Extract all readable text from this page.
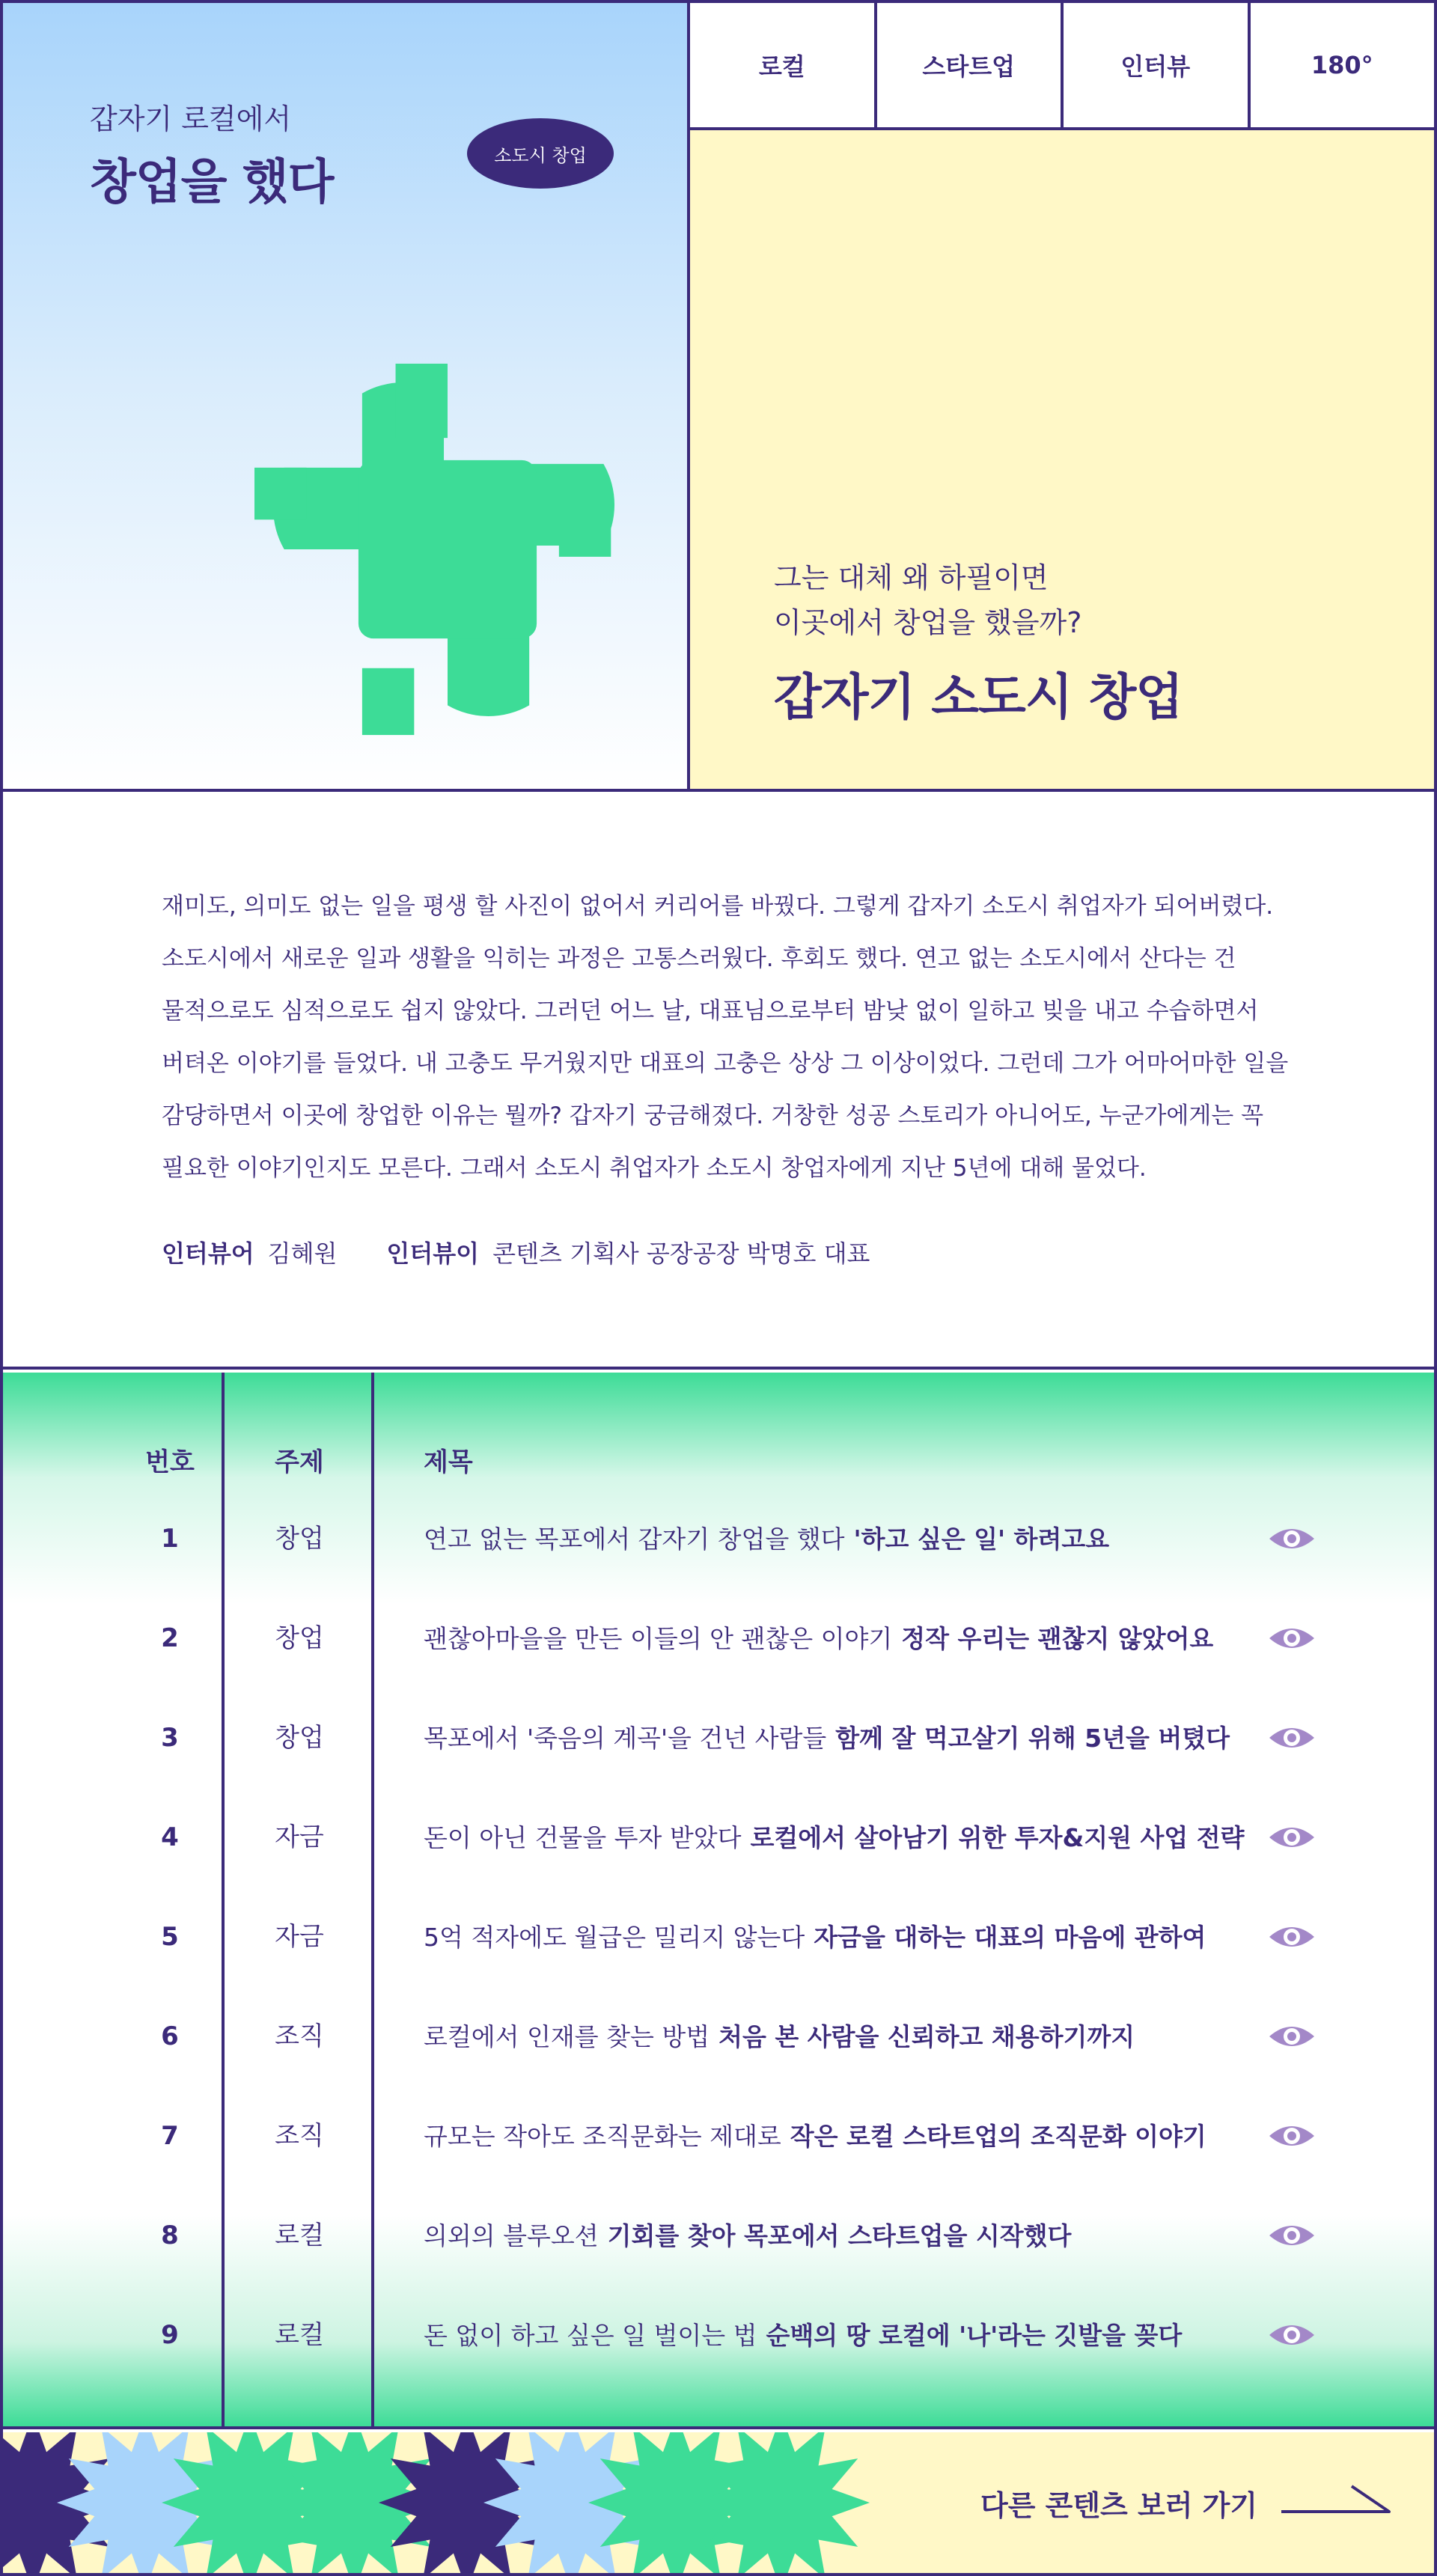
갑자기 로컬에서
창업을 했다	소도시 창업
로컬	스타트업	인터뷰	180°
그는 대체 왜 하필이면
이곳에서 창업을 했을까?
갑자기 소도시 창업
재미도, 의미도 없는 일을 평생 할 사진이 없어서 커리어를 바꿨다. 그렇게 갑자기 소도시 취업자가 되어버렸다.
소도시에서 새로운 일과 생활을 익히는 과정은 고통스러웠다. 후회도 했다. 연고 없는 소도시에서 산다는 건
물적으로도 심적으로도 쉽지 않았다. 그러던 어느 날, 대표님으로부터 밤낮 없이 일하고 빚을 내고 수습하면서
버텨온 이야기를 들었다. 내 고충도 무거웠지만 대표의 고충은 상상 그 이상이었다. 그런데 그가 어마어마한 일을
감당하면서 이곳에 창업한 이유는 뭘까? 갑자기 궁금해졌다. 거창한 성공 스토리가 아니어도, 누군가에게는 꼭
필요한 이야기인지도 모른다. 그래서 소도시 취업자가 소도시 창업자에게 지난 5년에 대해 물었다.
인터뷰어 김혜원 인터뷰이 콘텐츠 기획사 공장공장 박명호 대표
번호	주제	제목
1	창업	연고 없는 목포에서 갑자기 창업을 했다 '하고 싶은 일' 하려고요
2	창업	괜찮아마을을 만든 이들의 안 괜찮은 이야기 정작 우리는 괜찮지 않았어요
3	창업	목포에서 '죽음의 계곡'을 건넌 사람들 함께 잘 먹고살기 위해 5년을 버텼다
4	자금	돈이 아닌 건물을 투자 받았다 로컬에서 살아남기 위한 투자&지원 사업 전략
5	자금	5억 적자에도 월급은 밀리지 않는다 자금을 대하는 대표의 마음에 관하여
6	조직	로컬에서 인재를 찾는 방법 처음 본 사람을 신뢰하고 채용하기까지
7	조직	규모는 작아도 조직문화는 제대로 작은 로컬 스타트업의 조직문화 이야기
8	로컬	의외의 블루오션 기회를 찾아 목포에서 스타트업을 시작했다
9	로컬	돈 없이 하고 싶은 일 벌이는 법 순백의 땅 로컬에 '나'라는 깃발을 꽂다
다른 콘텐츠 보러 가기
